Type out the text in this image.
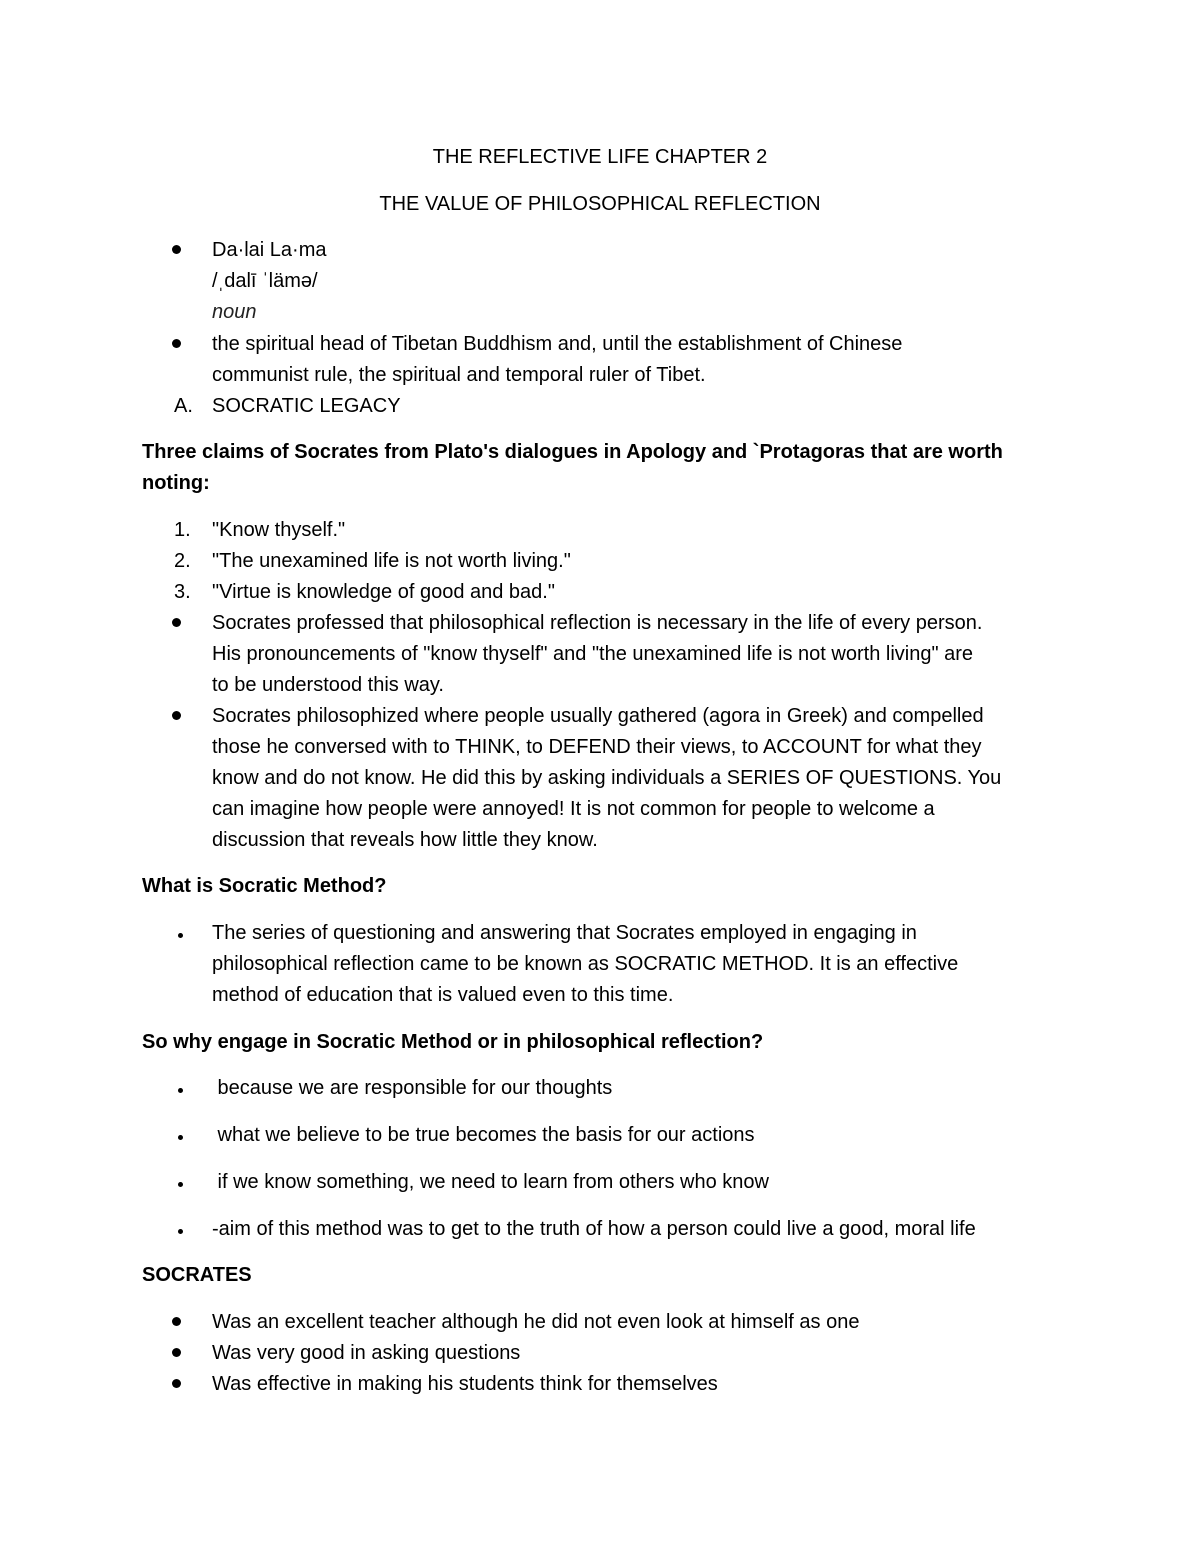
THE REFLECTIVE LIFE CHAPTER 2
THE VALUE OF PHILOSOPHICAL REFLECTION
Da·lai La·ma
/ˌdalī ˈlämə/
noun
the spiritual head of Tibetan Buddhism and, until the establishment of Chinese
communist rule, the spiritual and temporal ruler of Tibet.
A. SOCRATIC LEGACY
Three claims of Socrates from Plato's dialogues in Apology and `Protagoras that are worth
noting:
1. "Know thyself."
2. "The unexamined life is not worth living."
3. "Virtue is knowledge of good and bad."
Socrates professed that philosophical reflection is necessary in the life of every person.
His pronouncements of "know thyself" and "the unexamined life is not worth living" are
to be understood this way.
Socrates philosophized where people usually gathered (agora in Greek) and compelled
those he conversed with to THINK, to DEFEND their views, to ACCOUNT for what they
know and do not know. He did this by asking individuals a SERIES OF QUESTIONS. You
can imagine how people were annoyed! It is not common for people to welcome a
discussion that reveals how little they know.
What is Socratic Method?
The series of questioning and answering that Socrates employed in engaging in
philosophical reflection came to be known as SOCRATIC METHOD. It is an effective
method of education that is valued even to this time.
So why engage in Socratic Method or in philosophical reflection?
because we are responsible for our thoughts
what we believe to be true becomes the basis for our actions
if we know something, we need to learn from others who know
-aim of this method was to get to the truth of how a person could live a good, moral life
SOCRATES
Was an excellent teacher although he did not even look at himself as one
Was very good in asking questions
Was effective in making his students think for themselves
